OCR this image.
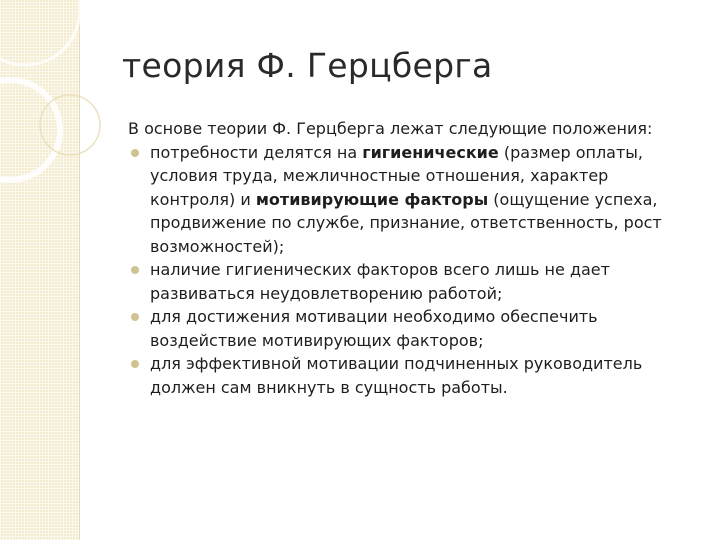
теория Ф. Герцберга

В основе теории Ф. Герцберга лежат следующие положения:

потребности делятся на гигиенические (размер оплаты, условия труда, межличностные отношения, характер контроля) и мотивирующие факторы (ощущение успеха, продвижение по службе, признание, ответственность, рост возможностей);
наличие гигиенических факторов всего лишь не дает развиваться неудовлетворению работой;
для достижения мотивации необходимо обеспечить воздействие мотивирующих факторов;
для эффективной мотивации подчиненных руководитель должен сам вникнуть в сущность работы.
